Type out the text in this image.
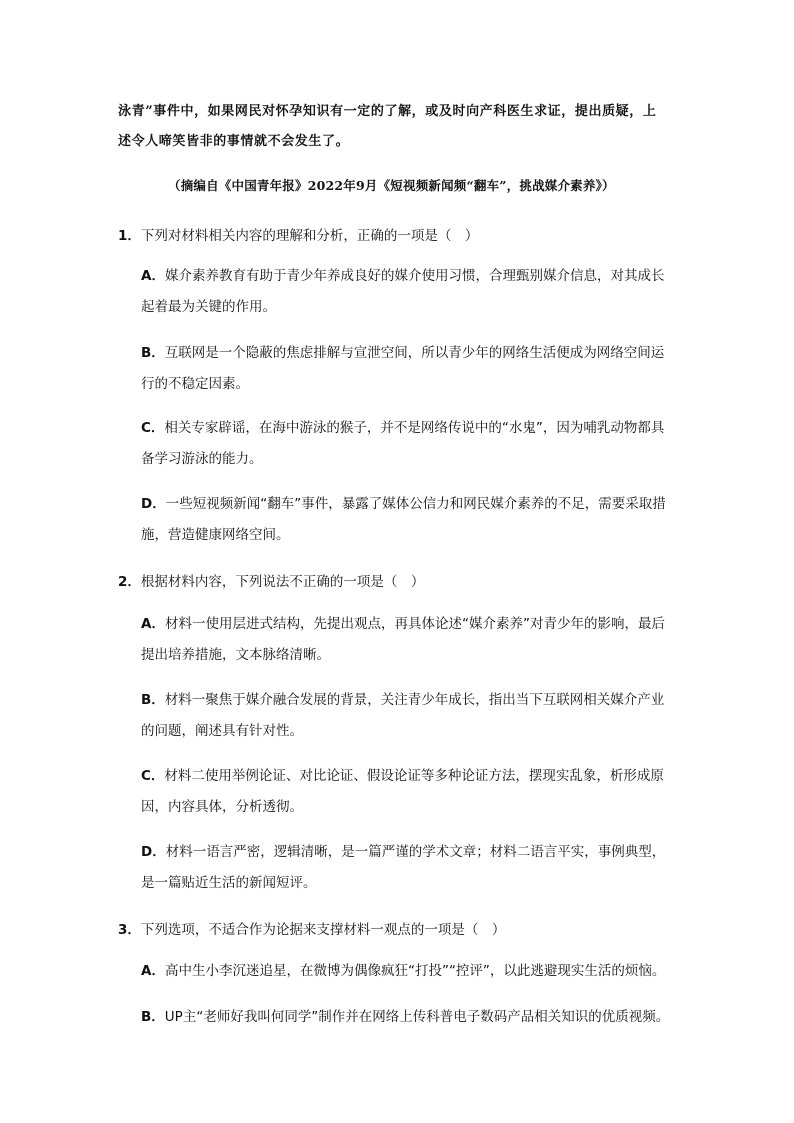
泳青”事件中，如果网民对怀孕知识有一定的了解，或及时向产科医生求证，提出质疑，上
述令人啼笑皆非的事情就不会发生了。
（摘编自《中国青年报》2022年9月《短视频新闻频“翻车”，挑战媒介素养》）
1．下列对材料相关内容的理解和分析，正确的一项是（　）
A．媒介素养教育有助于青少年养成良好的媒介使用习惯，合理甄别媒介信息，对其成长
起着最为关键的作用。
B．互联网是一个隐蔽的焦虑排解与宣泄空间，所以青少年的网络生活便成为网络空间运
行的不稳定因素。
C．相关专家辟谣，在海中游泳的猴子，并不是网络传说中的“水鬼”，因为哺乳动物都具
备学习游泳的能力。
D．一些短视频新闻“翻车”事件，暴露了媒体公信力和网民媒介素养的不足，需要采取措
施，营造健康网络空间。
2．根据材料内容，下列说法不正确的一项是（　）
A．材料一使用层进式结构，先提出观点，再具体论述“媒介素养”对青少年的影响，最后
提出培养措施，文本脉络清晰。
B．材料一聚焦于媒介融合发展的背景，关注青少年成长，指出当下互联网相关媒介产业
的问题，阐述具有针对性。
C．材料二使用举例论证、对比论证、假设论证等多种论证方法，摆现实乱象，析形成原
因，内容具体，分析透彻。
D．材料一语言严密，逻辑清晰，是一篇严谨的学术文章；材料二语言平实，事例典型，
是一篇贴近生活的新闻短评。
3．下列选项，不适合作为论据来支撑材料一观点的一项是（　）
A．高中生小李沉迷追星，在微博为偶像疯狂“打投”“控评”，以此逃避现实生活的烦恼。
B．UP主“老师好我叫何同学”制作并在网络上传科普电子数码产品相关知识的优质视频。
